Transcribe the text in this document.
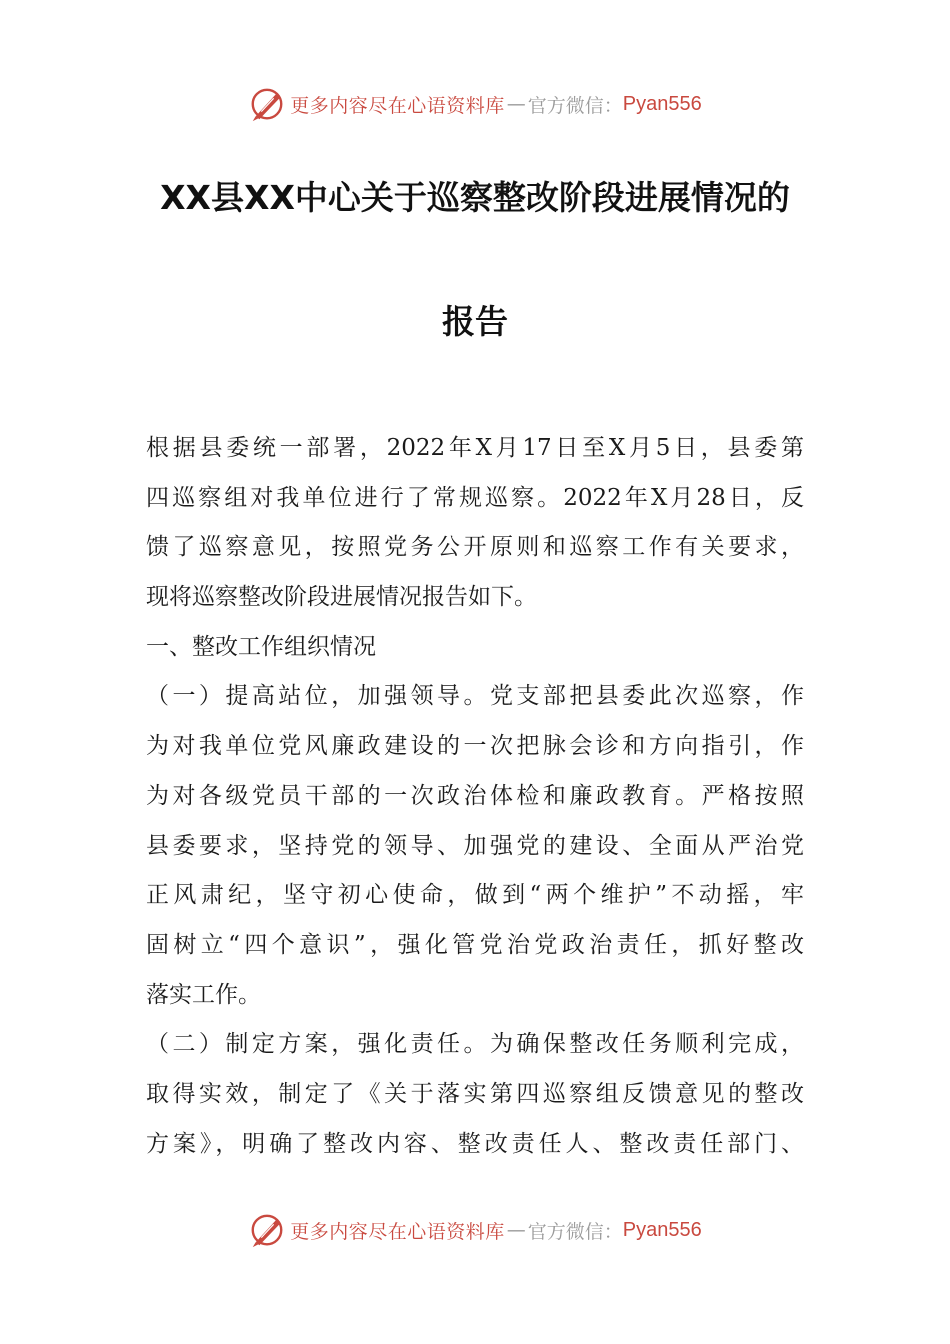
更多内容尽在心语资料库 — 官方微信： Pyan556
XX县XX中心关于巡察整改阶段进展情况的
报告
根据县委统一部署，2022年X月17日至X月5日，县委第
四巡察组对我单位进行了常规巡察。2022年X月28日，反
馈了巡察意见，按照党务公开原则和巡察工作有关要求，
现将巡察整改阶段进展情况报告如下。
一、整改工作组织情况
（一）提高站位，加强领导。党支部把县委此次巡察，作
为对我单位党风廉政建设的一次把脉会诊和方向指引，作
为对各级党员干部的一次政治体检和廉政教育。严格按照
县委要求，坚持党的领导、加强党的建设、全面从严治党
正风肃纪，坚守初心使命，做到“两个维护”不动摇，牢
固树立“四个意识”，强化管党治党政治责任，抓好整改
落实工作。
（二）制定方案，强化责任。为确保整改任务顺利完成，
取得实效，制定了《关于落实第四巡察组反馈意见的整改
方案》，明确了整改内容、整改责任人、整改责任部门、
更多内容尽在心语资料库 — 官方微信： Pyan556
